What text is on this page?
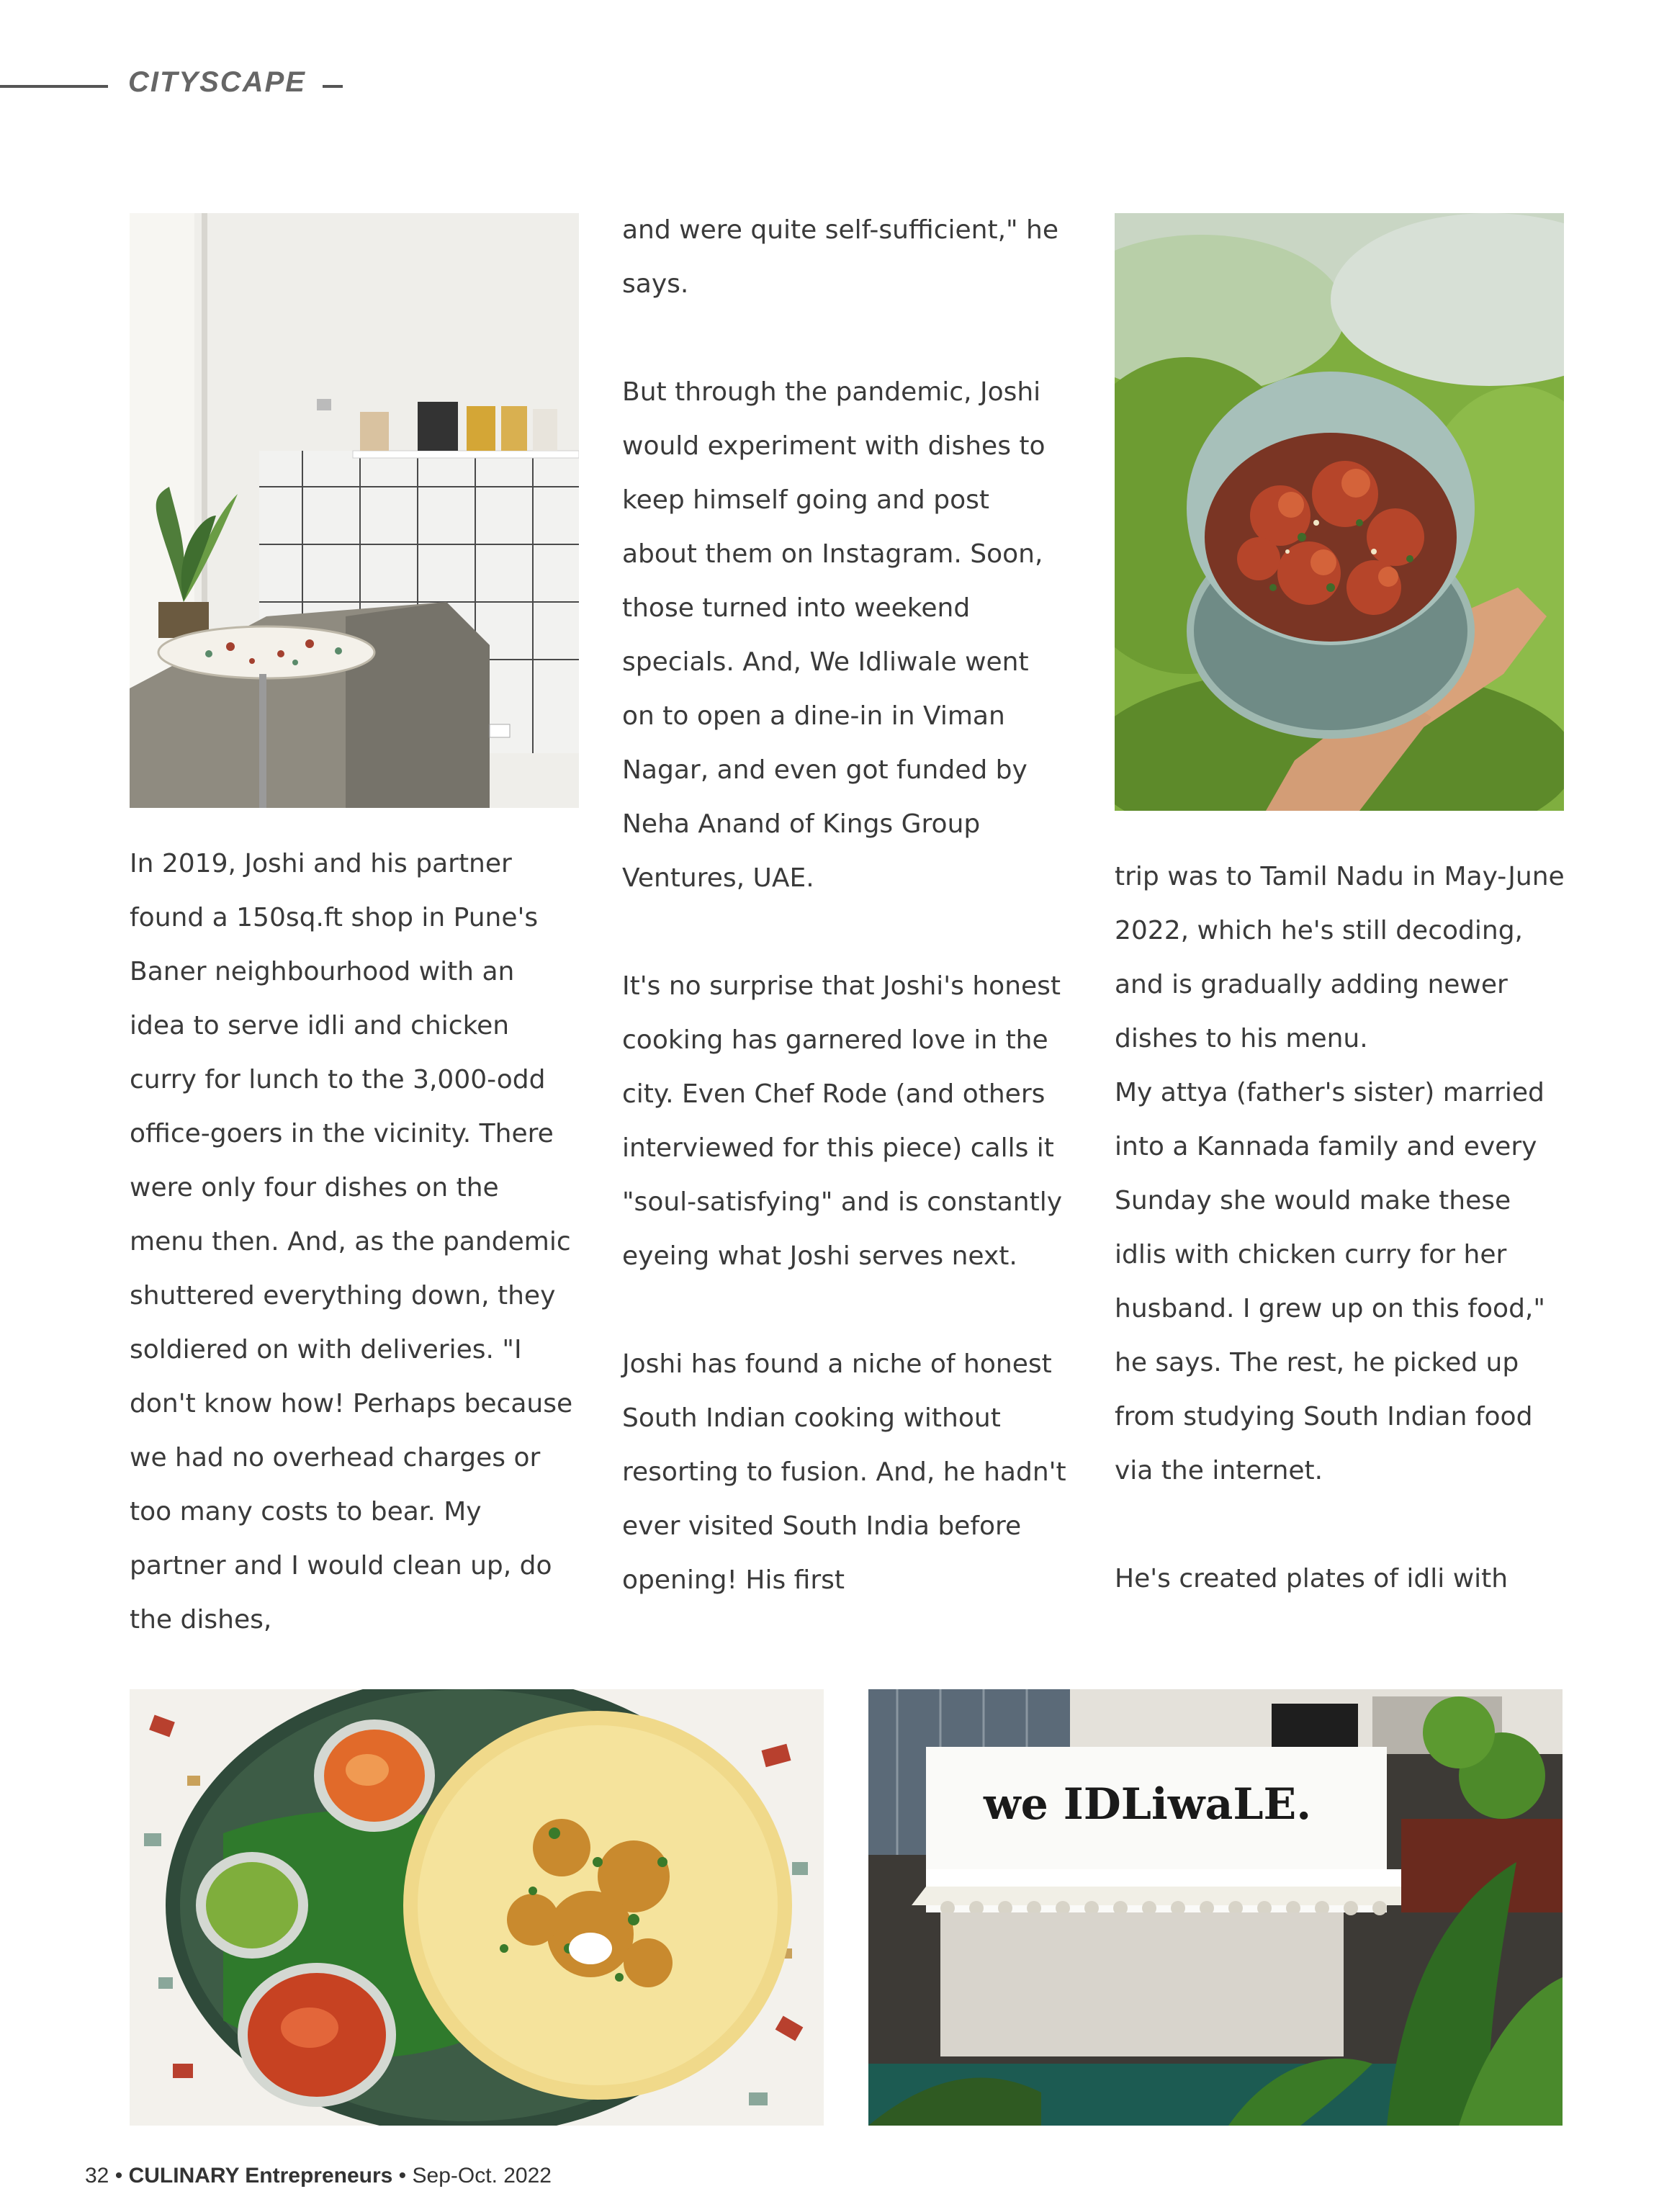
CITYSCAPE

In 2019, Joshi and his partner found a 150sq.ft shop in Pune's Baner neighbourhood with an idea to serve idli and chicken curry for lunch to the 3,000-odd office-goers in the vicinity. There were only four dishes on the menu then. And, as the pandemic shuttered everything down, they soldiered on with deliveries. "I don't know how! Perhaps because we had no overhead charges or too many costs to bear. My partner and I would clean up, do the dishes,

and were quite self-sufficient," he says.

But through the pandemic, Joshi would experiment with dishes to keep himself going and post about them on Instagram. Soon, those turned into weekend specials. And, We Idliwale went on to open a dine-in in Viman Nagar, and even got funded by Neha Anand of Kings Group Ventures, UAE.

It's no surprise that Joshi's honest cooking has garnered love in the city. Even Chef Rode (and others interviewed for this piece) calls it "soul-satisfying" and is constantly eyeing what Joshi serves next.

Joshi has found a niche of honest South Indian cooking without resorting to fusion. And, he hadn't ever visited South India before opening! His first

trip was to Tamil Nadu in May-June 2022, which he's still decoding, and is gradually adding newer dishes to his menu.

My attya (father's sister) married into a Kannada family and every Sunday she would make these idlis with chicken curry for her husband. I grew up on this food," he says. The rest, he picked up from studying South Indian food via the internet.

He's created plates of idli with

we IDLiwaLE.
32 • CULINARY Entrepreneurs • Sep-Oct. 2022
